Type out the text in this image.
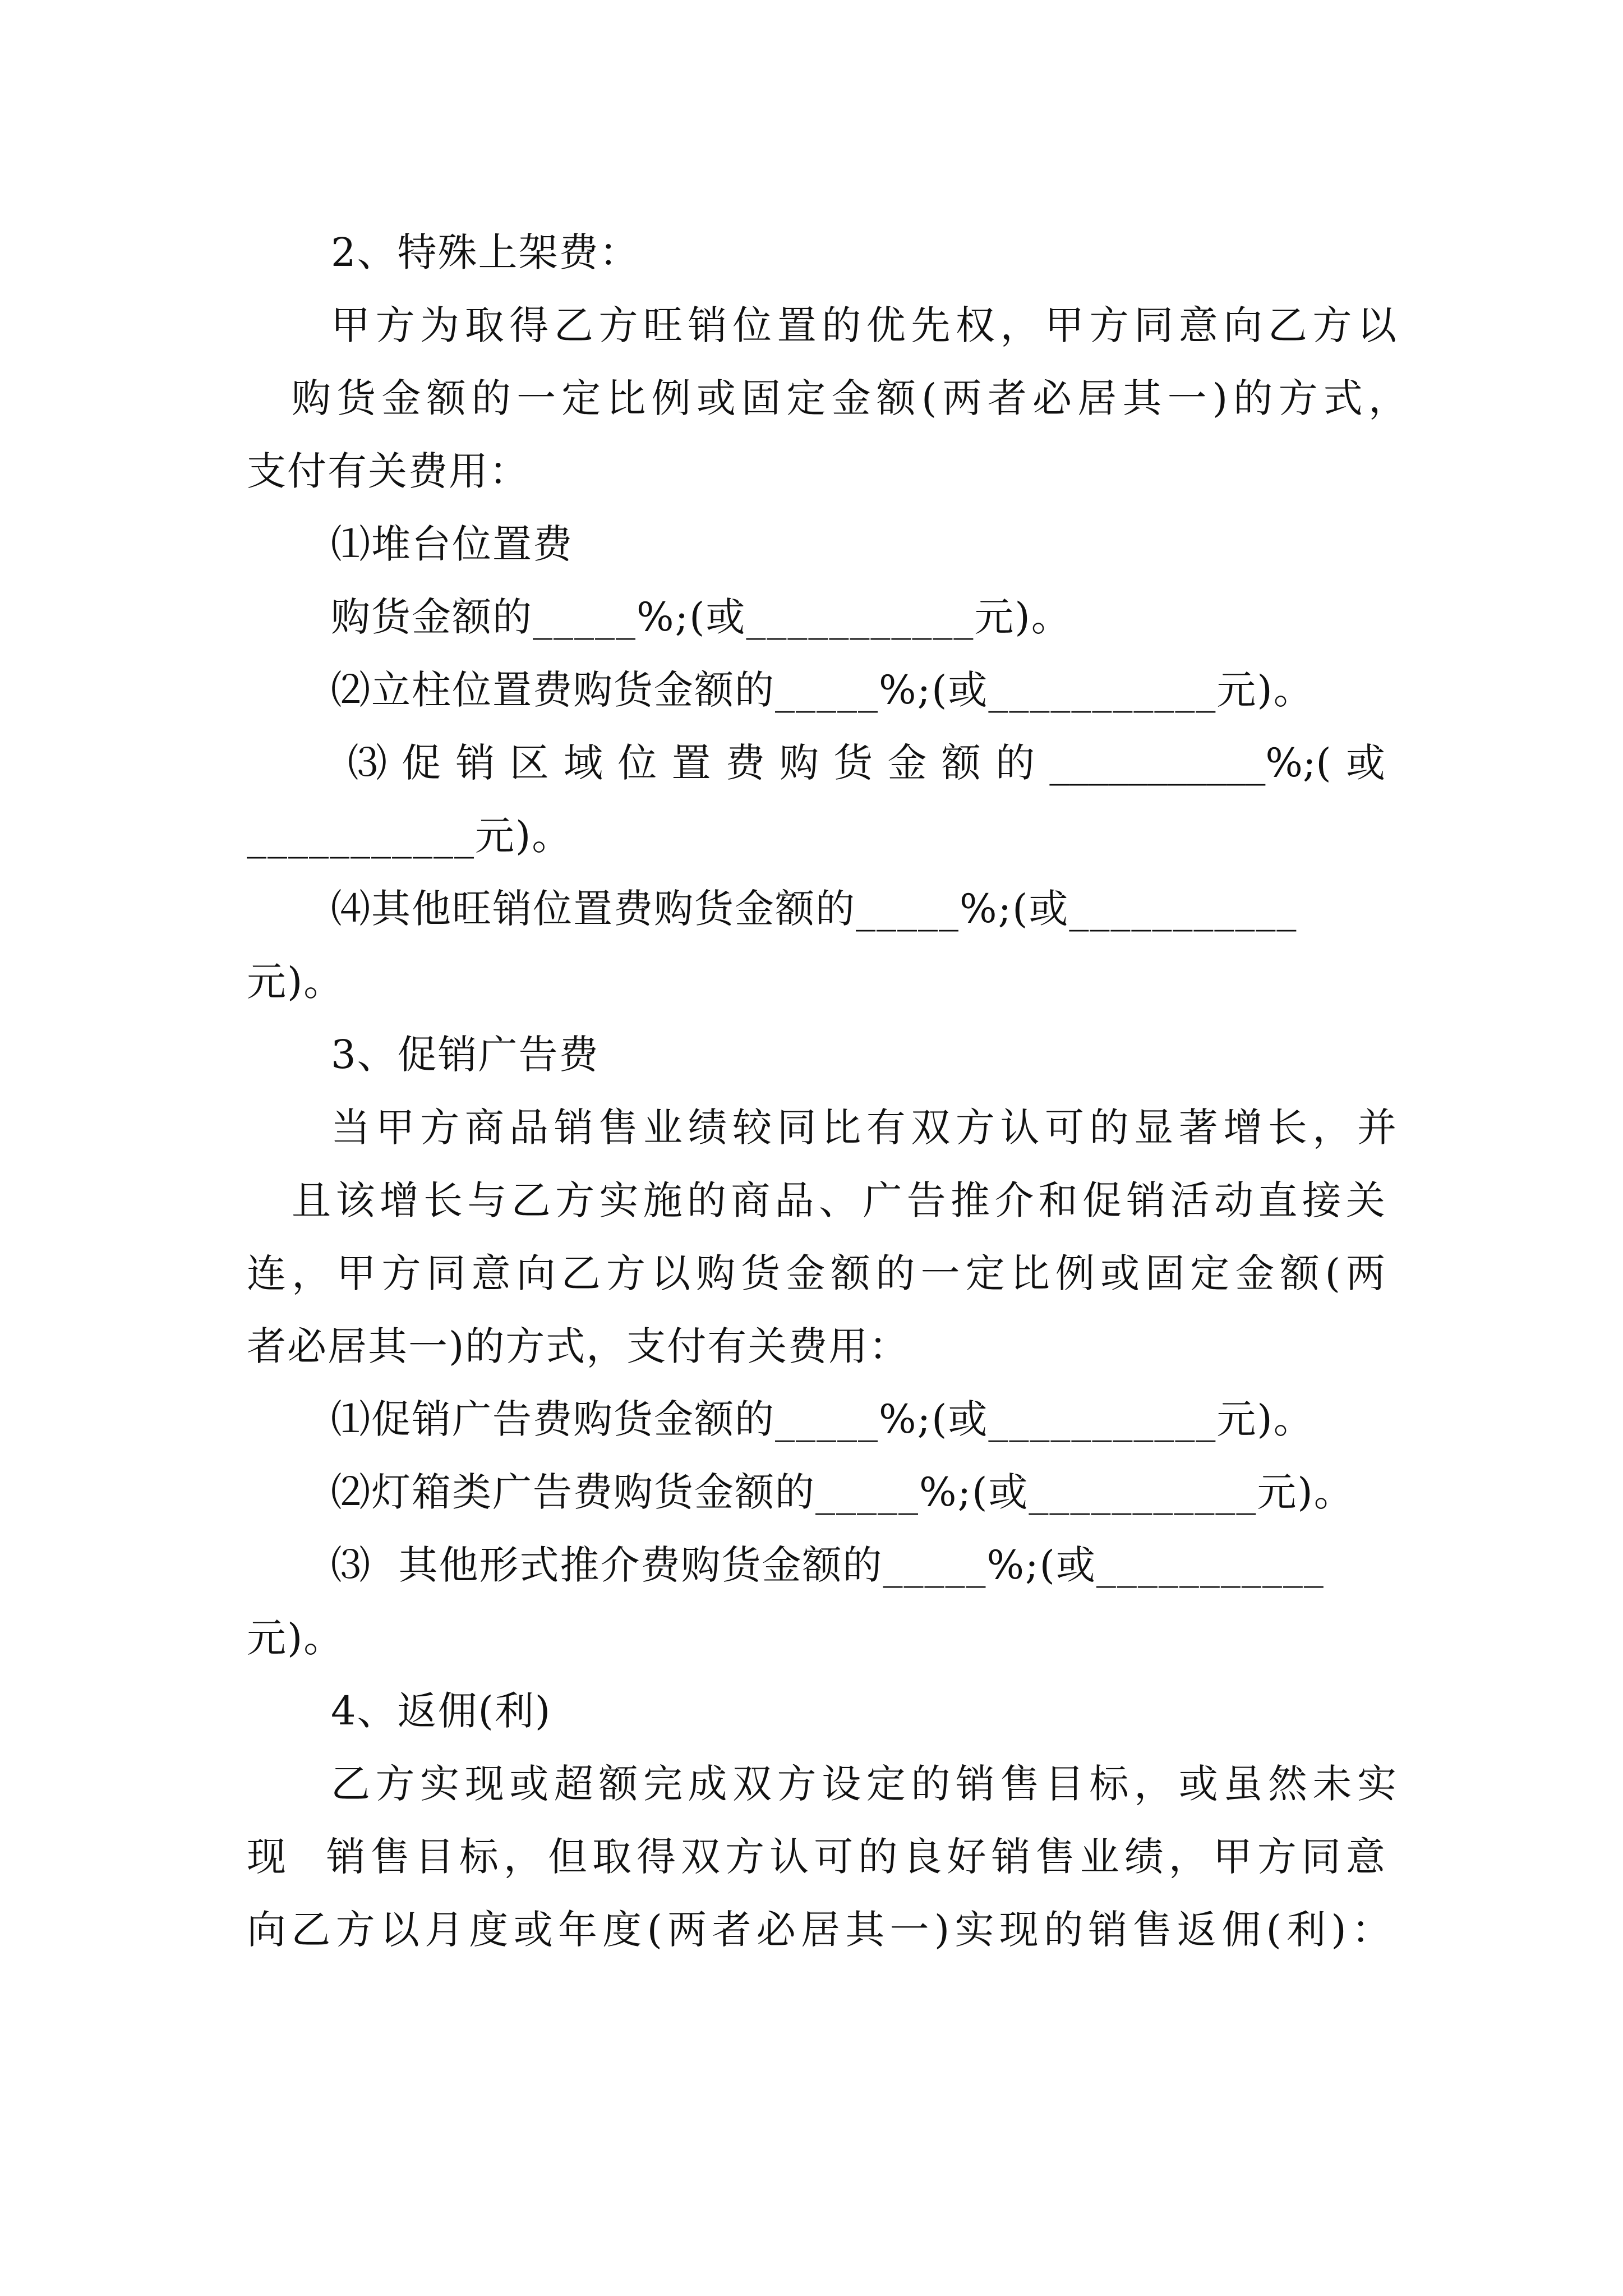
2、特殊上架费：
甲方为取得乙方旺销位置的优先权，甲方同意向乙方以
购货金额的一定比例或固定金额(两者必居其一)的方式，
支付有关费用：
⑴堆台位置费
购货金额的_____%;(或___________元)。
⑵立柱位置费购货金额的_____%;(或___________元)。
⑶促销区域位置费购货金额的___________%;(或
___________元)。
⑷其他旺销位置费购货金额的_____%;(或___________
元)。
3、促销广告费
当甲方商品销售业绩较同比有双方认可的显著增长，并
且该增长与乙方实施的商品、广告推介和促销活动直接关
连，甲方同意向乙方以购货金额的一定比例或固定金额(两
者必居其一)的方式，支付有关费用：
⑴促销广告费购货金额的_____%;(或___________元)。
⑵灯箱类广告费购货金额的_____%;(或___________元)。
⑶  其他形式推介费购货金额的_____%;(或___________
元)。
4、返佣(利)
乙方实现或超额完成双方设定的销售目标，或虽然未实
现  销售目标，但取得双方认可的良好销售业绩，甲方同意
向乙方以月度或年度(两者必居其一)实现的销售返佣(利)：
